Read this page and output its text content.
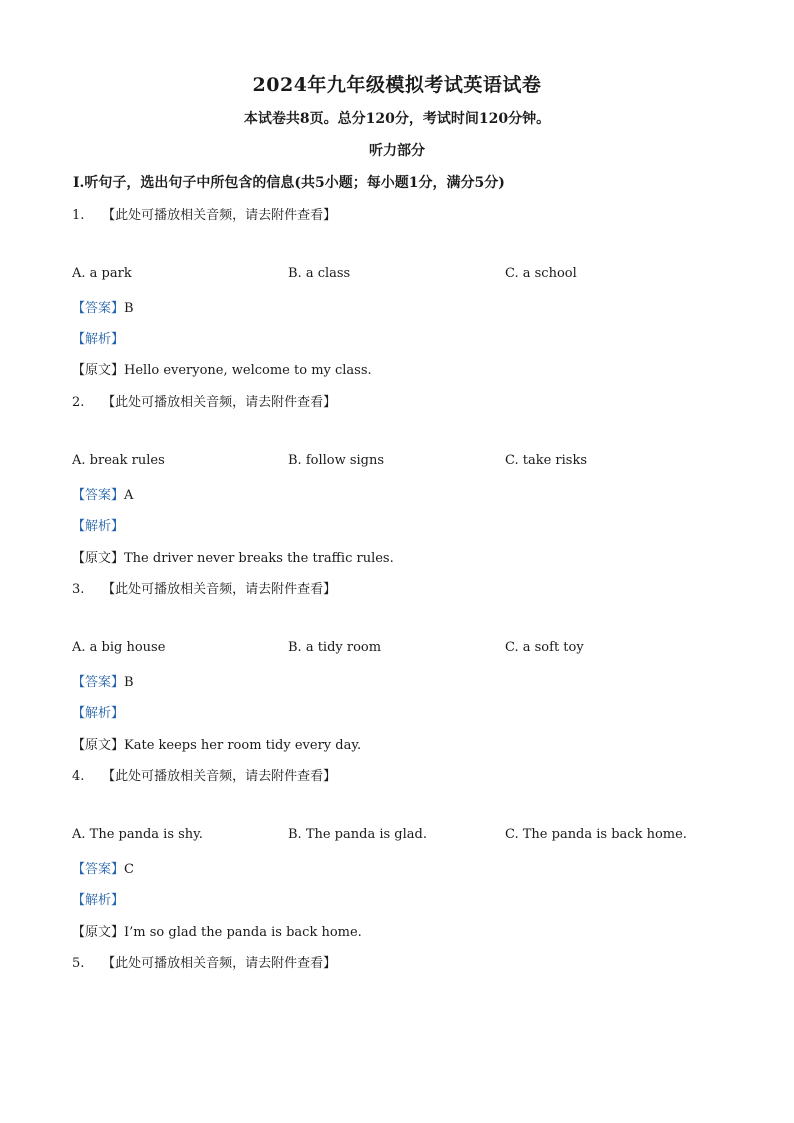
2024年九年级模拟考试英语试卷
本试卷共8页。总分120分，考试时间120分钟。
听力部分
Ⅰ.听句子，选出句子中所包含的信息(共5小题；每小题1分，满分5分)
1. 【此处可播放相关音频，请去附件查看】
A. a park	B. a class	C. a school
【答案】B
【解析】
【原文】Hello everyone, welcome to my class.
2. 【此处可播放相关音频，请去附件查看】
A. break rules	B. follow signs	C. take risks
【答案】A
【解析】
【原文】The driver never breaks the traffic rules.
3. 【此处可播放相关音频，请去附件查看】
A. a big house	B. a tidy room	C. a soft toy
【答案】B
【解析】
【原文】Kate keeps her room tidy every day.
4. 【此处可播放相关音频，请去附件查看】
A. The panda is shy.	B. The panda is glad.	C. The panda is back home.
【答案】C
【解析】
【原文】I’m so glad the panda is back home.
5. 【此处可播放相关音频，请去附件查看】
